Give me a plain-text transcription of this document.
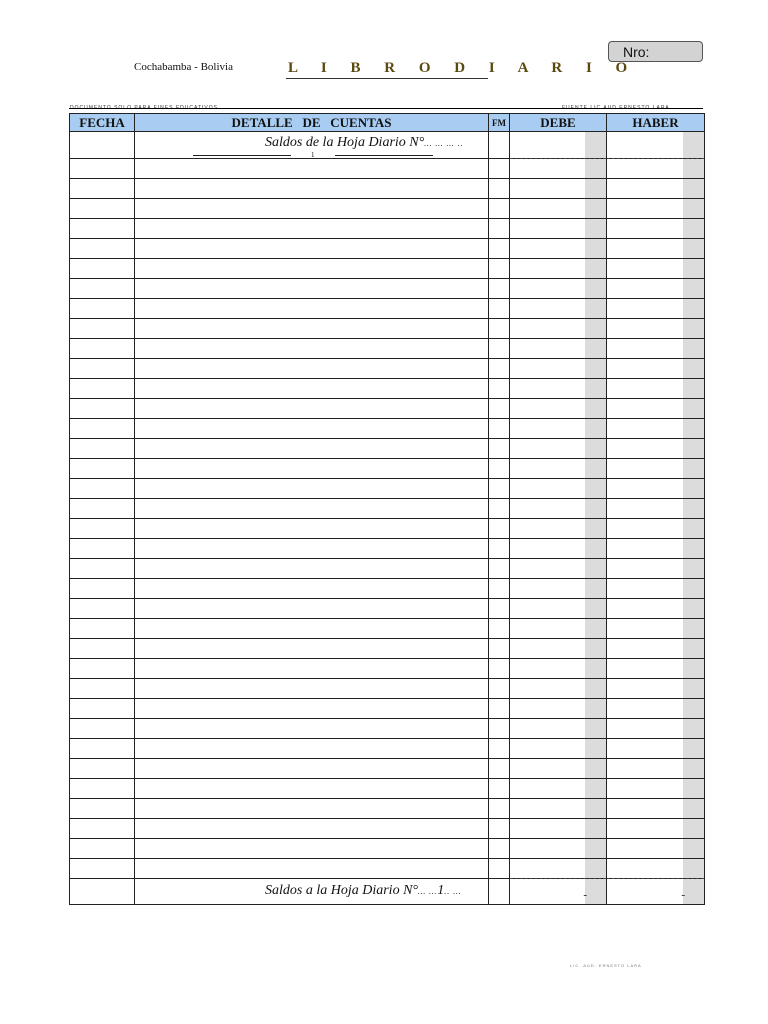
Nro:
Cochabamba - Bolivia	L I B R O D I A R I O
FECHA	DETALLE   DE   CUENTAS	FM	DEBE	HABER

	Saldos de la Hoja Diario N°… … … ..
1			

	Saldos a la Hoja Diario N°… …1.. …		-	-
LIC. AUD. ERNESTO LARA
